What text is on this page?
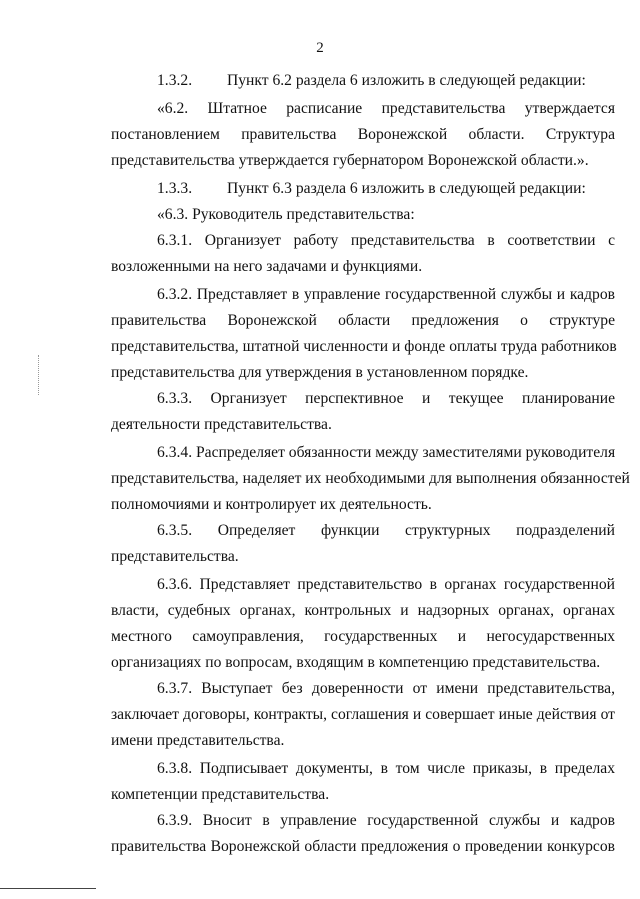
2
1.3.2.	Пункт 6.2 раздела 6 изложить в следующей редакции:
«6.2. Штатное расписание представительства утверждается
постановлением правительства Воронежской области. Структура
представительства утверждается губернатором Воронежской области.».
1.3.3.	Пункт 6.3 раздела 6 изложить в следующей редакции:
«6.3. Руководитель представительства:
6.3.1. Организует работу представительства в соответствии с
возложенными на него задачами и функциями.
6.3.2. Представляет в управление государственной службы и кадров
правительства Воронежской области предложения о структуре
представительства, штатной численности и фонде оплаты труда работников
представительства для утверждения в установленном порядке.
6.3.3. Организует перспективное и текущее планирование
деятельности представительства.
6.3.4. Распределяет обязанности между заместителями руководителя
представительства, наделяет их необходимыми для выполнения обязанностей
полномочиями и контролирует их деятельность.
6.3.5. Определяет функции структурных подразделений
представительства.
6.3.6. Представляет представительство в органах государственной
власти, судебных органах, контрольных и надзорных органах, органах
местного самоуправления, государственных и негосударственных
организациях по вопросам, входящим в компетенцию представительства.
6.3.7. Выступает без доверенности от имени представительства,
заключает договоры, контракты, соглашения и совершает иные действия от
имени представительства.
6.3.8. Подписывает документы, в том числе приказы, в пределах
компетенции представительства.
6.3.9. Вносит в управление государственной службы и кадров
правительства Воронежской области предложения о проведении конкурсов
